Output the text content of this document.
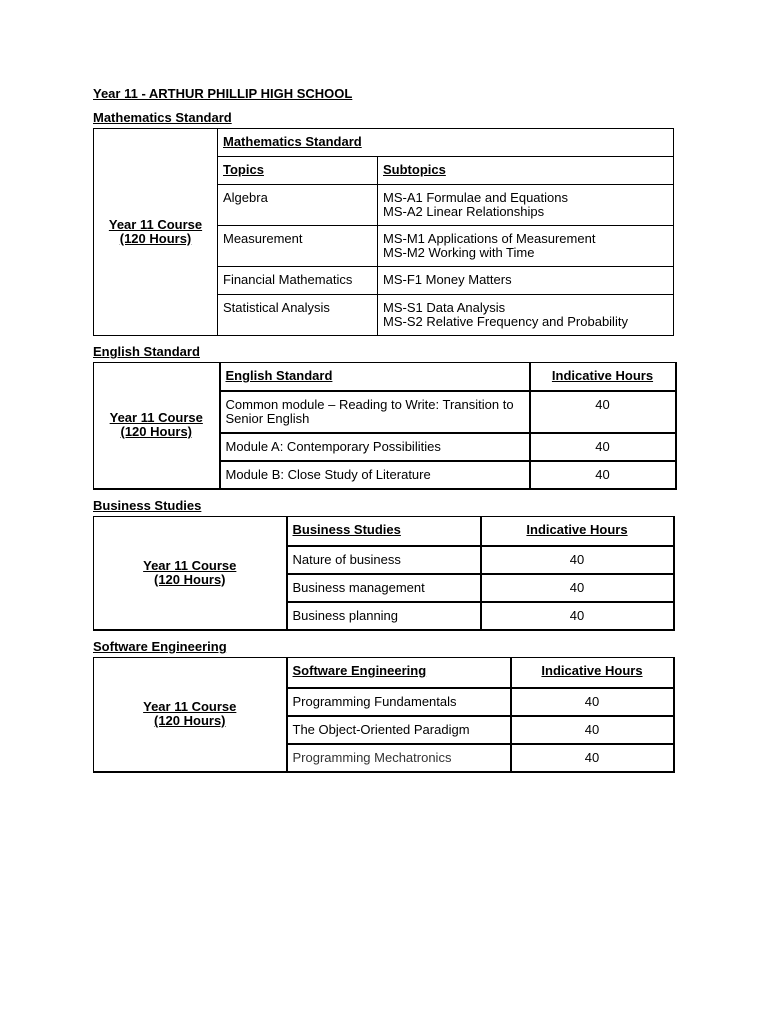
Year 11 - ARTHUR PHILLIP HIGH SCHOOL

Mathematics Standard

Year 11 Course
(120 Hours)	Mathematics Standard	
	Topics	Subtopics
	Algebra	MS-A1 Formulae and Equations
MS-A2 Linear Relationships

	Measurement	MS-M1 Applications of Measurement
MS-M2 Working with Time

	Financial Mathematics	MS-F1 Money Matters

	Statistical Analysis	MS-S1 Data Analysis
MS-S2 Relative Frequency and Probability

English Standard

Year 11 Course
(120 Hours)	English Standard	Indicative Hours

	Common module – Reading to Write: Transition to
Senior English	40
	Module A: Contemporary Possibilities	40
	Module B: Close Study of Literature	40

Business Studies

Year 11 Course
(120 Hours)	Business Studies	Indicative Hours
	Nature of business	40
	Business management	40
	Business planning	40

Software Engineering

Year 11 Course
(120 Hours)	Software Engineering	Indicative Hours
	Programming Fundamentals	40
	The Object-Oriented Paradigm	40
	Programming Mechatronics	40
